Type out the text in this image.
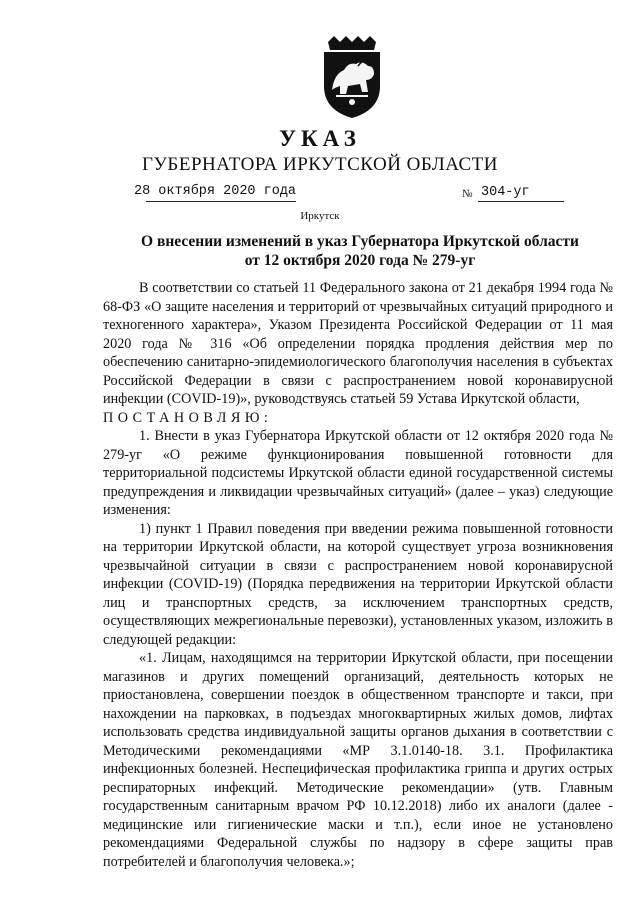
УКАЗ
ГУБЕРНАТОРА ИРКУТСКОЙ ОБЛАСТИ
28 октября 2020 года	№ 304-уг
Иркутск
О внесении изменений в указ Губернатора Иркутской области
от 12 октября 2020 года № 279-уг

В соответствии со статьей 11 Федерального закона от 21 декабря 1994 года № 68-ФЗ «О защите населения и территорий от чрезвычайных ситуаций природного и техногенного характера», Указом Президента Российской Федерации от 11 мая 2020 года № 316 «Об определении порядка продления действия мер по обеспечению санитарно-эпидемиологического благополучия населения в субъектах Российской Федерации в связи с распространением новой коронавирусной инфекции (COVID-19)», руководствуясь статьей 59 Устава Иркутской области,

ПОСТАНОВЛЯЮ:

1. Внести в указ Губернатора Иркутской области от 12 октября 2020 года № 279-уг «О режиме функционирования повышенной готовности для территориальной подсистемы Иркутской области единой государственной системы предупреждения и ликвидации чрезвычайных ситуаций» (далее – указ) следующие изменения:

1) пункт 1 Правил поведения при введении режима повышенной готовности на территории Иркутской области, на которой существует угроза возникновения чрезвычайной ситуации в связи с распространением новой коронавирусной инфекции (COVID-19) (Порядка передвижения на территории Иркутской области лиц и транспортных средств, за исключением транспортных средств, осуществляющих межрегиональные перевозки), установленных указом, изложить в следующей редакции:

«1. Лицам, находящимся на территории Иркутской области, при посещении магазинов и других помещений организаций, деятельность которых не приостановлена, совершении поездок в общественном транспорте и такси, при нахождении на парковках, в подъездах многоквартирных жилых домов, лифтах использовать средства индивидуальной защиты органов дыхания в соответствии с Методическими рекомендациями «МР 3.1.0140-18. 3.1. Профилактика инфекционных болезней. Неспецифическая профилактика гриппа и других острых респираторных инфекций. Методические рекомендации» (утв. Главным государственным санитарным врачом РФ 10.12.2018) либо их аналоги (далее - медицинские или гигиенические маски и т.п.), если иное не установлено рекомендациями Федеральной службы по надзору в сфере защиты прав потребителей и благополучия человека.»;
